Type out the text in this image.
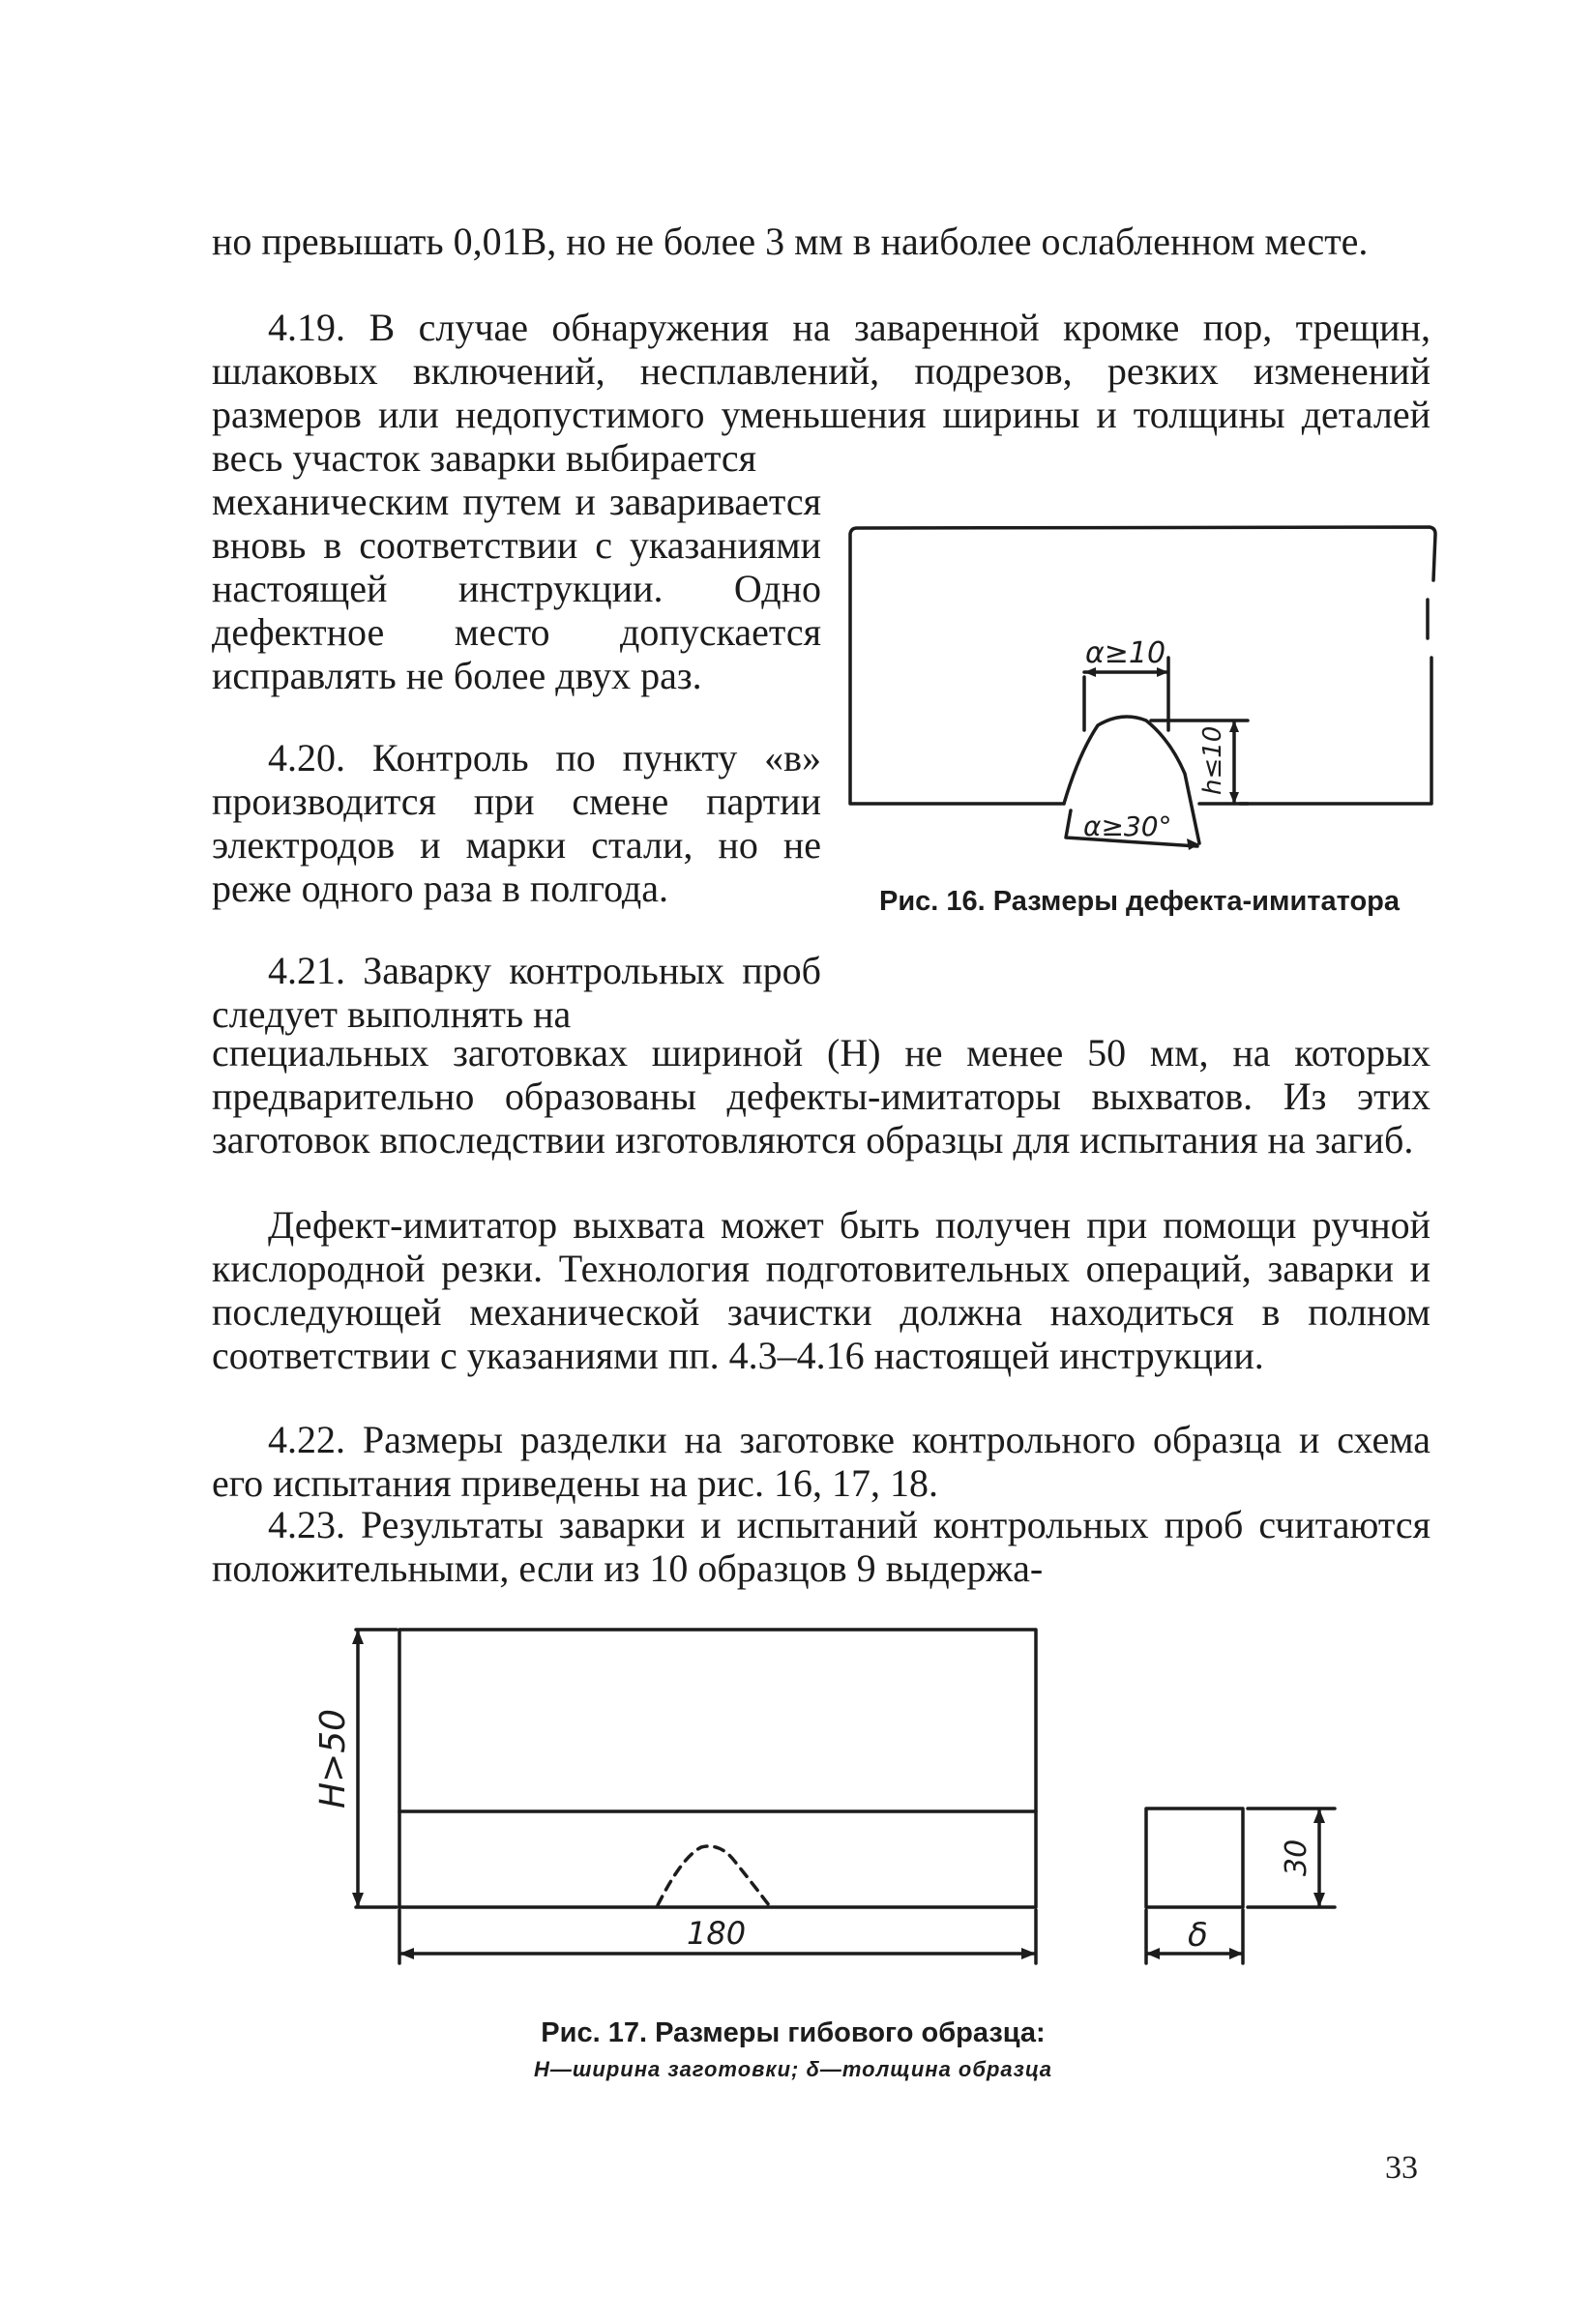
но превышать 0,01B, но не более 3 мм в наиболее ослабленном месте.

4.19. В случае обнаружения на заваренной кромке пор, трещин, шлаковых включений, несплавлений, подрезов, резких изменений размеров или недопустимого уменьшения ширины и толщины деталей весь участок заварки выбирается

механическим путем и заваривается вновь в соответствии с указаниями настоящей инструкции. Одно дефектное место допускается исправлять не более двух раз.

4.20. Контроль по пункту «в» производится при смене партии электродов и марки стали, но не реже одного раза в полгода.

4.21. Заварку контрольных проб следует выполнять на

специальных заготовках шириной (H) не менее 50 мм, на которых предварительно образованы дефекты-имитаторы выхватов. Из этих заготовок впоследствии изготовляются образцы для испытания на загиб.

Дефект-имитатор выхвата может быть получен при помощи ручной кислородной резки. Технология подготовительных операций, заварки и последующей механической зачистки должна находиться в полном соответствии с указаниями пп. 4.3–4.16 настоящей инструкции.

4.22. Размеры разделки на заготовке контрольного образца и схема его испытания приведены на рис. 16, 17, 18.

4.23. Результаты заварки и испытаний контрольных проб считаются положительными, если из 10 образцов 9 выдержа-

α≥10
h≤10
α≥30°
H>50
180	δ
30

Рис. 16. Размеры дефекта-имитатора

Рис. 17. Размеры гибового образца:

H—ширина заготовки; δ—толщина образца

33
